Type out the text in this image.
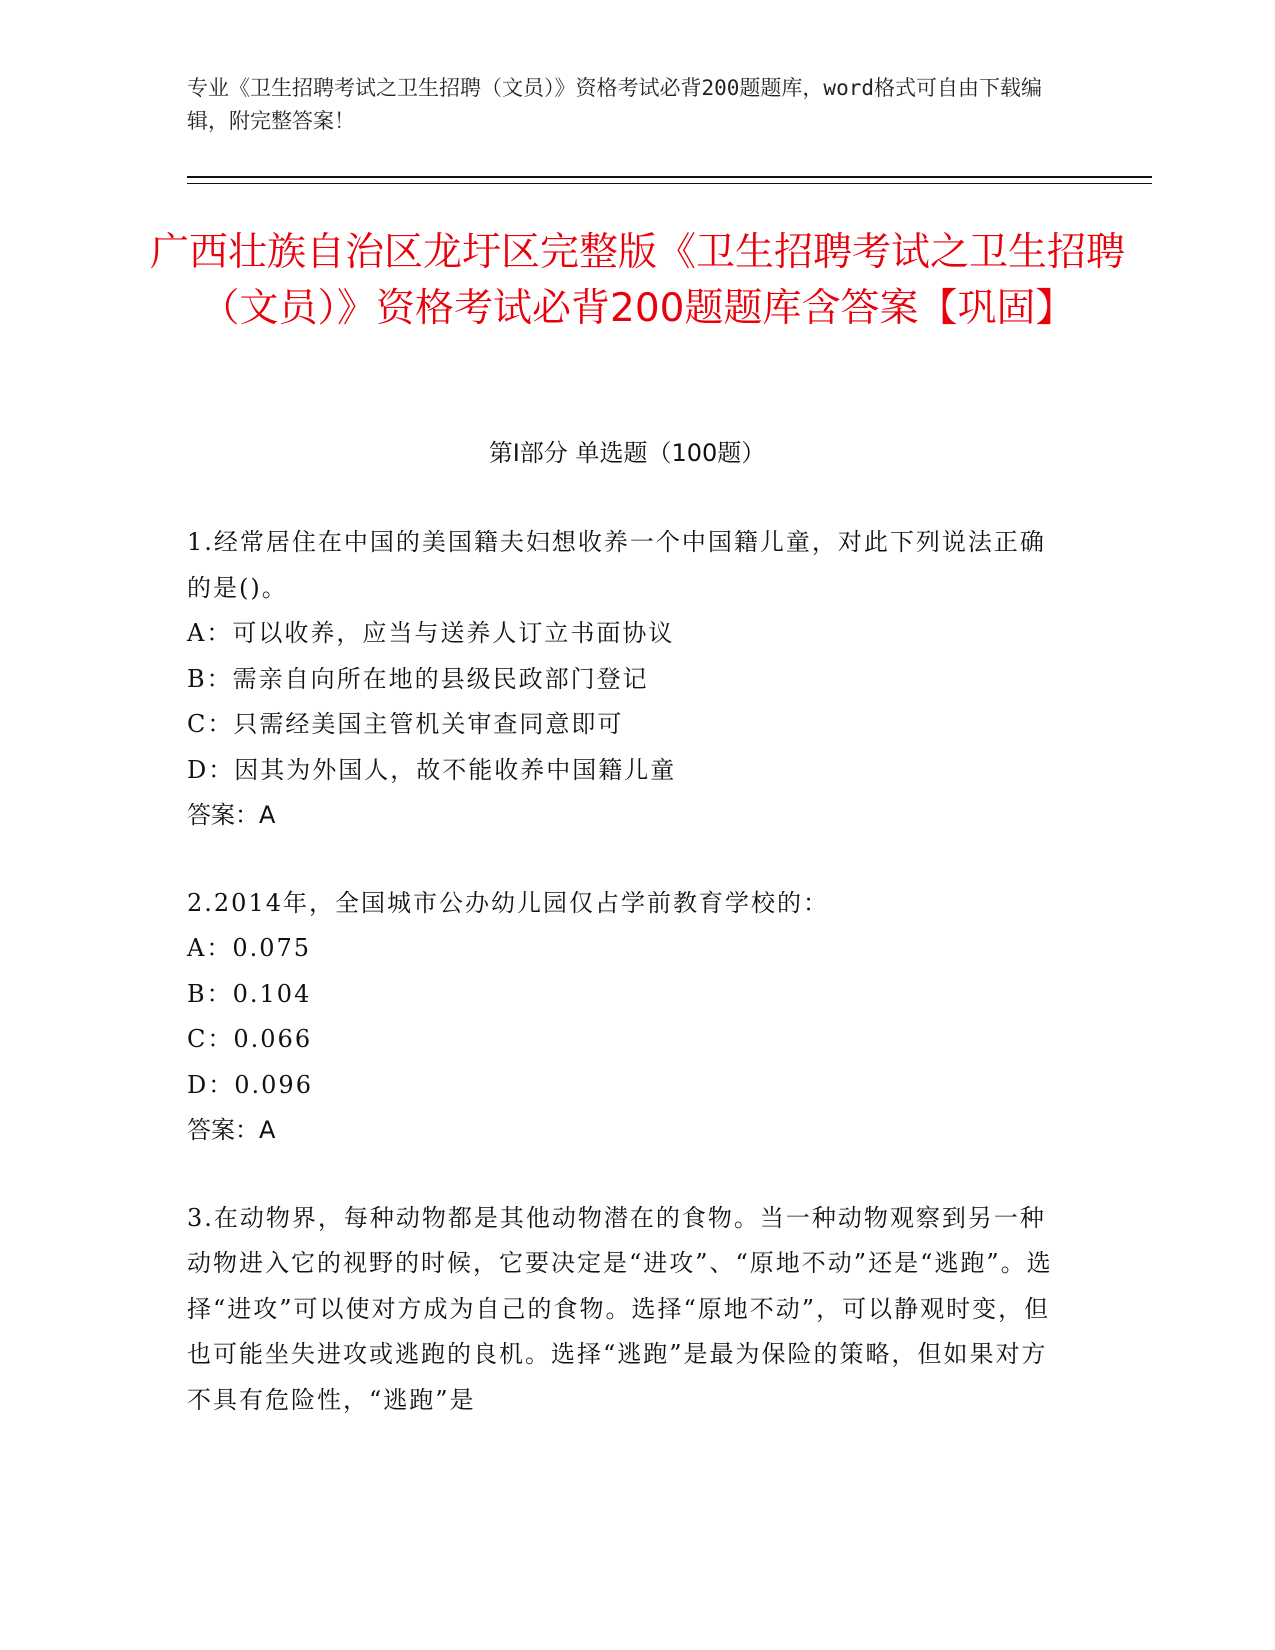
专业《卫生招聘考试之卫生招聘（文员）》资格考试必背200题题库，word格式可自由下载编辑，附完整答案！

广西壮族自治区龙圩区完整版《卫生招聘考试之卫生招聘（文员）》资格考试必背200题题库含答案【巩固】
第Ⅰ部分 单选题（100题）

1.经常居住在中国的美国籍夫妇想收养一个中国籍儿童，对此下列说法正确的是()。

A： 可以收养，应当与送养人订立书面协议
B： 需亲自向所在地的县级民政部门登记
C： 只需经美国主管机关审查同意即可
D： 因其为外国人，故不能收养中国籍儿童

答案：A

2.2014年，全国城市公办幼儿园仅占学前教育学校的：

A： 0.075
B： 0.104
C： 0.066
D： 0.096

答案：A

3.在动物界，每种动物都是其他动物潜在的食物。当一种动物观察到另一种动物进入它的视野的时候，它要决定是“进攻”、“原地不动”还是“逃跑”。选择“进攻”可以使对方成为自己的食物。选择“原地不动”，可以静观时变，但也可能坐失进攻或逃跑的良机。选择“逃跑”是最为保险的策略，但如果对方不具有危险性，“逃跑”是
